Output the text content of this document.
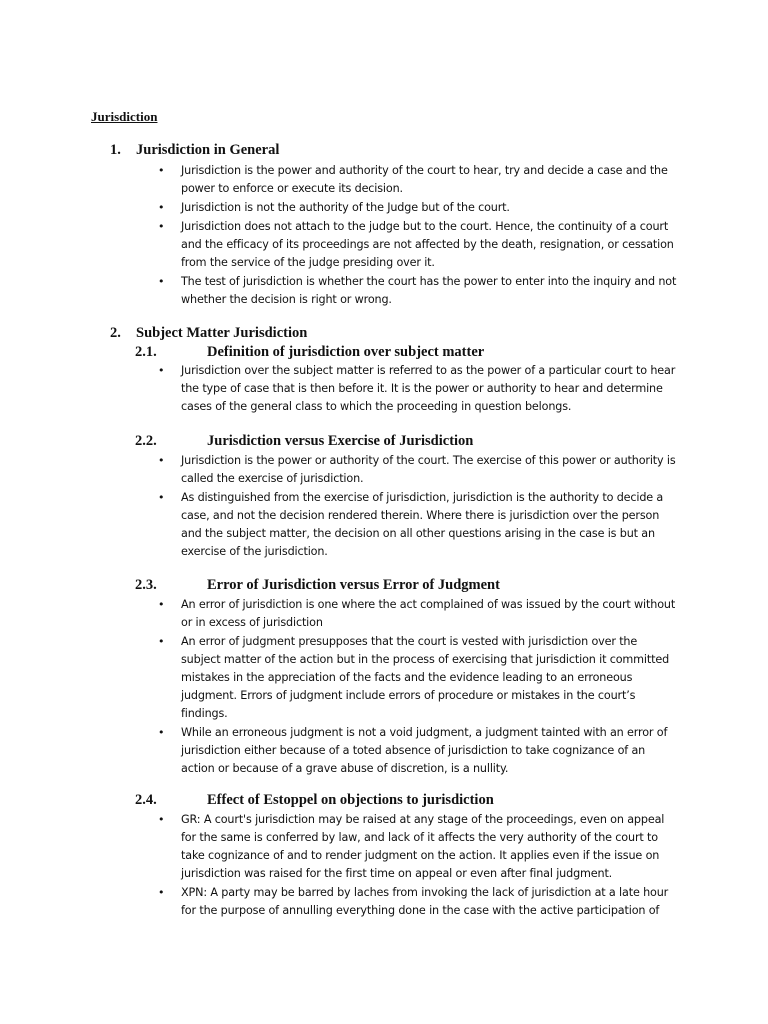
Jurisdiction

1. Jurisdiction in General
• Jurisdiction is the power and authority of the court to hear, try and decide a case and the power to enforce or execute its decision.
• Jurisdiction is not the authority of the Judge but of the court.
• Jurisdiction does not attach to the judge but to the court. Hence, the continuity of a court and the efficacy of its proceedings are not affected by the death, resignation, or cessation from the service of the judge presiding over it.
• The test of jurisdiction is whether the court has the power to enter into the inquiry and not whether the decision is right or wrong.
2. Subject Matter Jurisdiction
2.1.	Definition of jurisdiction over subject matter
• Jurisdiction over the subject matter is referred to as the power of a particular court to hear the type of case that is then before it. It is the power or authority to hear and determine cases of the general class to which the proceeding in question belongs.
2.2.	Jurisdiction versus Exercise of Jurisdiction
• Jurisdiction is the power or authority of the court. The exercise of this power or authority is called the exercise of jurisdiction.
• As distinguished from the exercise of jurisdiction, jurisdiction is the authority to decide a case, and not the decision rendered therein. Where there is jurisdiction over the person and the subject matter, the decision on all other questions arising in the case is but an exercise of the jurisdiction.
2.3.	Error of Jurisdiction versus Error of Judgment
• An error of jurisdiction is one where the act complained of was issued by the court without or in excess of jurisdiction
• An error of judgment presupposes that the court is vested with jurisdiction over the subject matter of the action but in the process of exercising that jurisdiction it committed mistakes in the appreciation of the facts and the evidence leading to an erroneous judgment. Errors of judgment include errors of procedure or mistakes in the court’s findings.
• While an erroneous judgment is not a void judgment, a judgment tainted with an error of jurisdiction either because of a toted absence of jurisdiction to take cognizance of an action or because of a grave abuse of discretion, is a nullity.
2.4.	Effect of Estoppel on objections to jurisdiction
• GR: A court's jurisdiction may be raised at any stage of the proceedings, even on appeal for the same is conferred by law, and lack of it affects the very authority of the court to take cognizance of and to render judgment on the action. It applies even if the issue on jurisdiction was raised for the first time on appeal or even after final judgment.
• XPN: A party may be barred by laches from invoking the lack of jurisdiction at a late hour for the purpose of annulling everything done in the case with the active participation of
